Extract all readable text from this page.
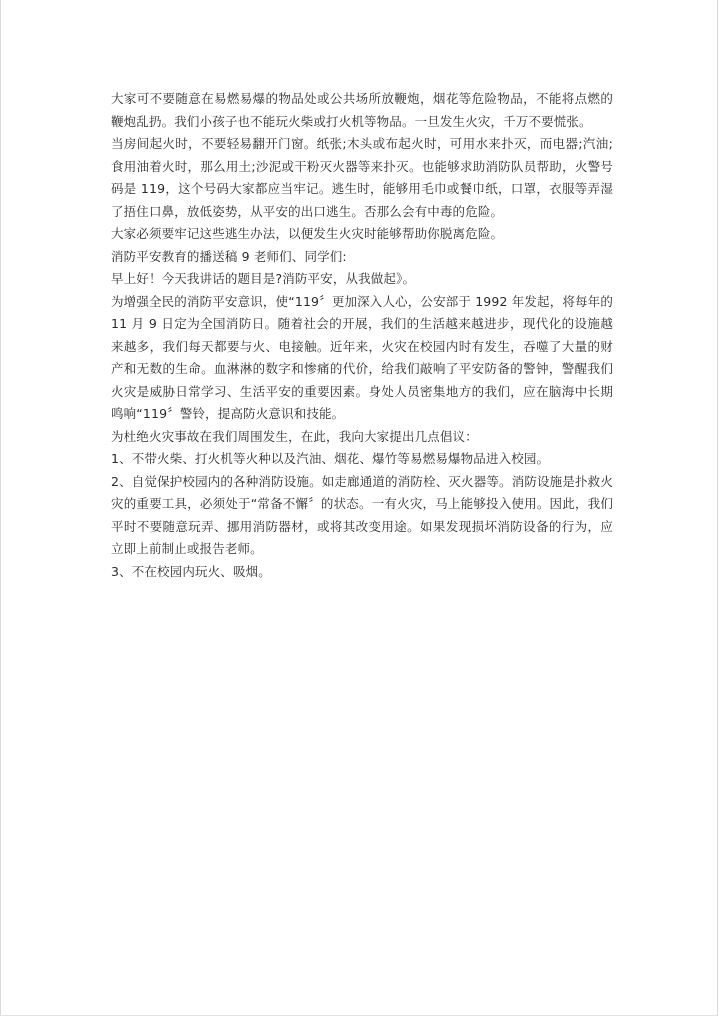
大家可不要随意在易燃易爆的物品处或公共场所放鞭炮，烟花等危险物品，不能将点燃的鞭炮乱扔。我们小孩子也不能玩火柴或打火机等物品。一旦发生火灾，千万不要慌张。

当房间起火时，不要轻易翻开门窗。纸张;木头或布起火时，可用水来扑灭，而电器;汽油;食用油着火时，那么用土;沙泥或干粉灭火器等来扑灭。也能够求助消防队员帮助，火警号码是 119，这个号码大家都应当牢记。逃生时，能够用毛巾或餐巾纸，口罩，衣服等弄湿了捂住口鼻，放低姿势，从平安的出口逃生。否那么会有中毒的危险。

大家必须要牢记这些逃生办法，以便发生火灾时能够帮助你脱离危险。

消防平安教育的播送稿 9 老师们、同学们:

早上好！今天我讲话的题目是?消防平安，从我做起》。

为增强全民的消防平安意识，使“119〞更加深入人心，公安部于 1992 年发起，将每年的 11 月 9 日定为全国消防日。随着社会的开展，我们的生活越来越进步，现代化的设施越来越多，我们每天都要与火、电接触。近年来，火灾在校园内时有发生，吞噬了大量的财产和无数的生命。血淋淋的数字和惨痛的代价，给我们敲响了平安防备的警钟，警醒我们火灾是威胁日常学习、生活平安的重要因素。身处人员密集地方的我们，应在脑海中长期鸣响“119〞警铃，提高防火意识和技能。

为杜绝火灾事故在我们周围发生，在此，我向大家提出几点倡议：

1、不带火柴、打火机等火种以及汽油、烟花、爆竹等易燃易爆物品进入校园。

2、自觉保护校园内的各种消防设施。如走廊通道的消防栓、灭火器等。消防设施是扑救火灾的重要工具，必须处于“常备不懈〞的状态。一有火灾，马上能够投入使用。因此，我们平时不要随意玩弄、挪用消防器材，或将其改变用途。如果发现损坏消防设备的行为，应立即上前制止或报告老师。

3、不在校园内玩火、吸烟。
